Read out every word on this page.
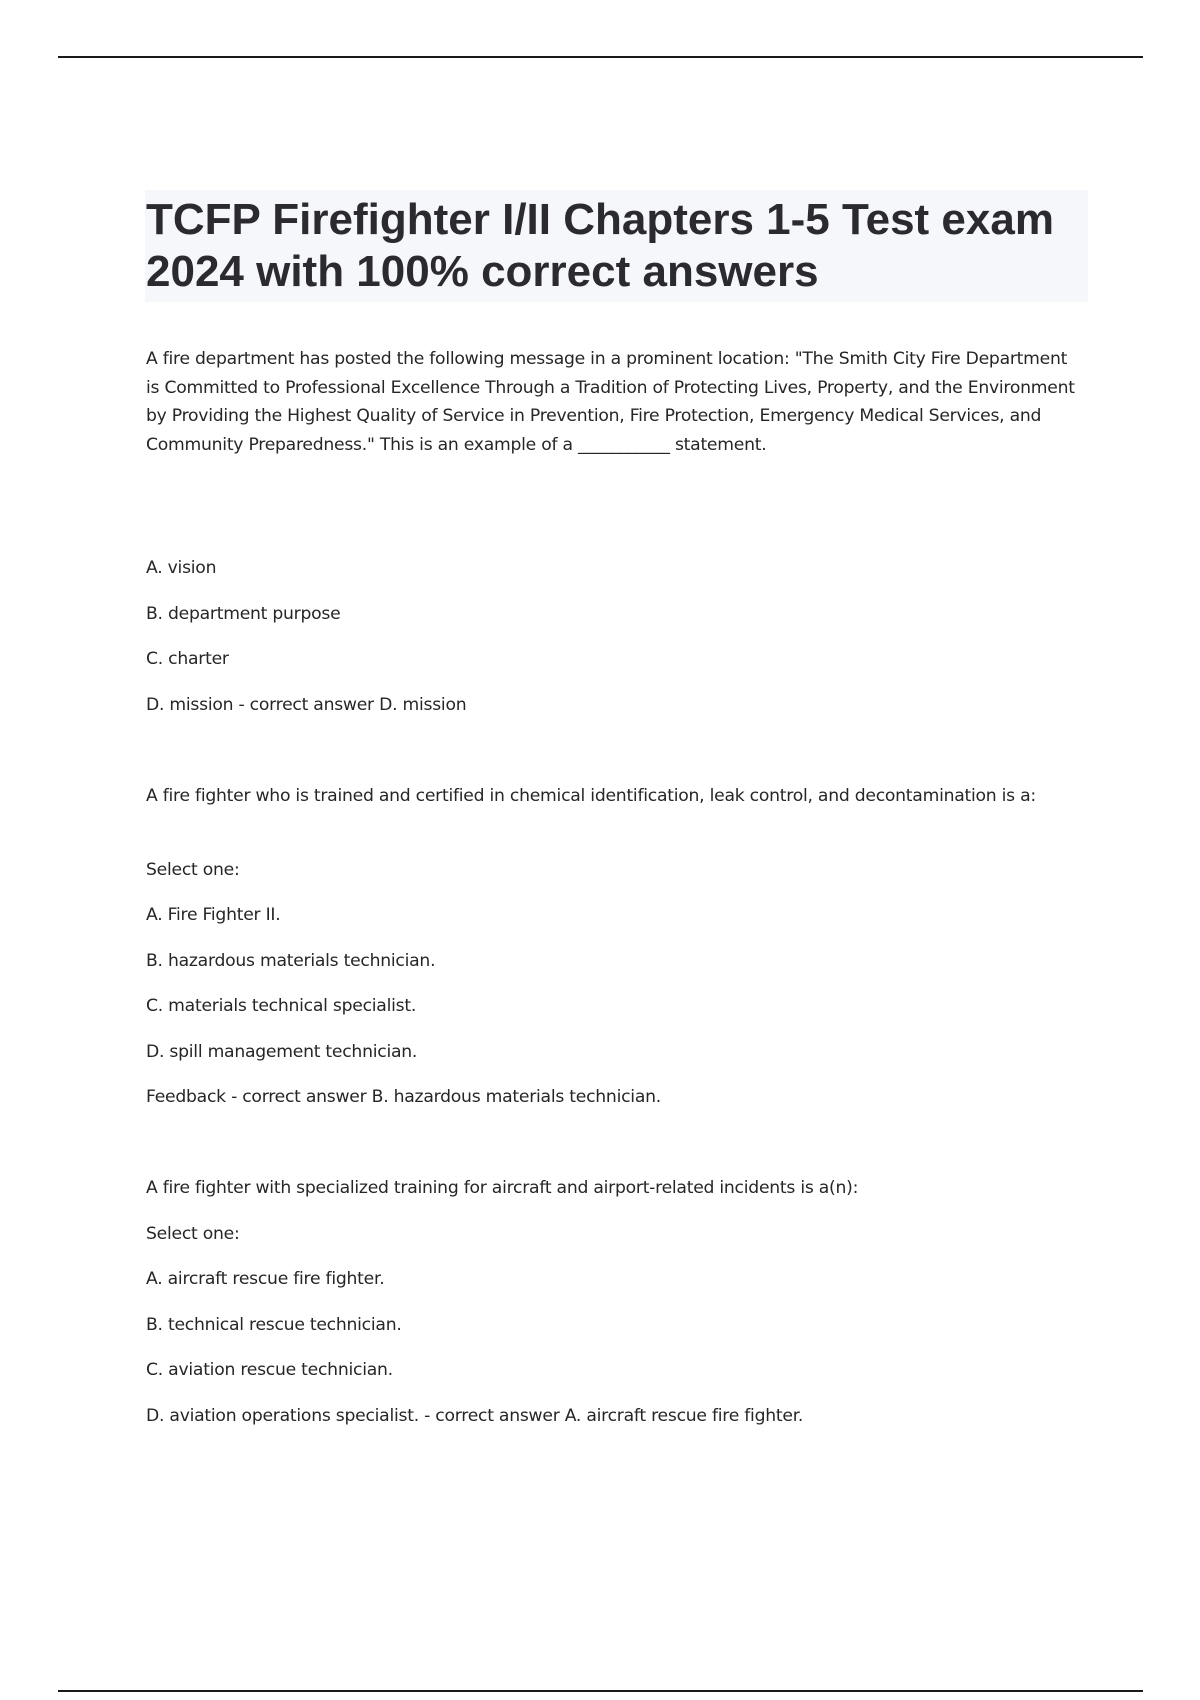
TCFP Firefighter I/II Chapters 1-5 Test exam 2024 with 100% correct answers

A fire department has posted the following message in a prominent location: "The Smith City Fire Department is Committed to Professional Excellence Through a Tradition of Protecting Lives, Property, and the Environment by Providing the Highest Quality of Service in Prevention, Fire Protection, Emergency Medical Services, and Community Preparedness." This is an example of a ___________ statement.

A. vision

B. department purpose

C. charter

D. mission - correct answer D. mission

A fire fighter who is trained and certified in chemical identification, leak control, and decontamination is a:

Select one:

A. Fire Fighter II.

B. hazardous materials technician.

C. materials technical specialist.

D. spill management technician.

Feedback - correct answer B. hazardous materials technician.

A fire fighter with specialized training for aircraft and airport-related incidents is a(n):

Select one:

A. aircraft rescue fire fighter.

B. technical rescue technician.

C. aviation rescue technician.

D. aviation operations specialist. - correct answer A. aircraft rescue fire fighter.
